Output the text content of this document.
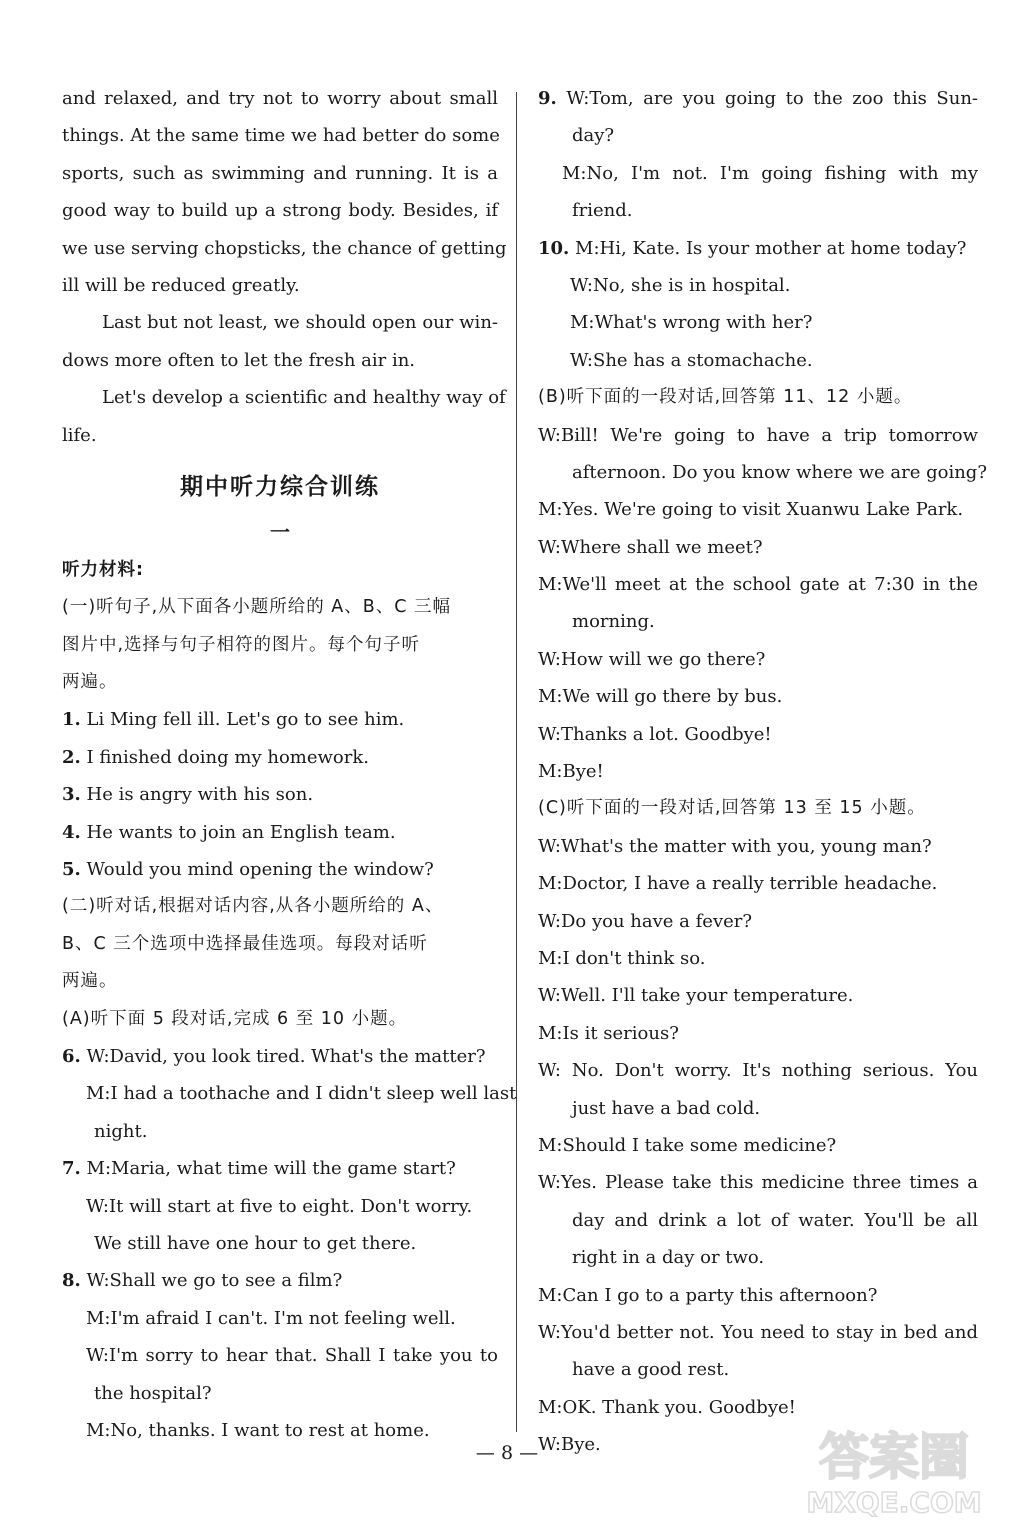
and relaxed, and try not to worry about small
things. At the same time we had better do some
sports, such as swimming and running. It is a
good way to build up a strong body. Besides, if
we use serving chopsticks, the chance of getting
ill will be reduced greatly.
Last but not least, we should open our win-
dows more often to let the fresh air in.
Let's develop a scientific and healthy way of
life.
期中听力综合训练
一
听力材料:
(一)听句子,从下面各小题所给的 A、B、C 三幅
图片中,选择与句子相符的图片。每个句子听
两遍。
1. Li Ming fell ill. Let's go to see him.
2. I finished doing my homework.
3. He is angry with his son.
4. He wants to join an English team.
5. Would you mind opening the window?
(二)听对话,根据对话内容,从各小题所给的 A、
B、C 三个选项中选择最佳选项。每段对话听
两遍。
(A)听下面 5 段对话,完成 6 至 10 小题。
6. W:David, you look tired. What's the matter?
M:I had a toothache and I didn't sleep well last
night.
7. M:Maria, what time will the game start?
W:It will start at five to eight. Don't worry.
We still have one hour to get there.
8. W:Shall we go to see a film?
M:I'm afraid I can't. I'm not feeling well.
W:I'm sorry to hear that. Shall I take you to
the hospital?
M:No, thanks. I want to rest at home.
9. W:Tom, are you going to the zoo this Sun-
day?
M:No, I'm not. I'm going fishing with my
friend.
10. M:Hi, Kate. Is your mother at home today?
W:No, she is in hospital.
M:What's wrong with her?
W:She has a stomachache.
(B)听下面的一段对话,回答第 11、12 小题。
W:Bill! We're going to have a trip tomorrow
afternoon. Do you know where we are going?
M:Yes. We're going to visit Xuanwu Lake Park.
W:Where shall we meet?
M:We'll meet at the school gate at 7:30 in the
morning.
W:How will we go there?
M:We will go there by bus.
W:Thanks a lot. Goodbye!
M:Bye!
(C)听下面的一段对话,回答第 13 至 15 小题。
W:What's the matter with you, young man?
M:Doctor, I have a really terrible headache.
W:Do you have a fever?
M:I don't think so.
W:Well. I'll take your temperature.
M:Is it serious?
W: No. Don't worry. It's nothing serious. You
just have a bad cold.
M:Should I take some medicine?
W:Yes. Please take this medicine three times a
day and drink a lot of water. You'll be all
right in a day or two.
M:Can I go to a party this afternoon?
W:You'd better not. You need to stay in bed and
have a good rest.
M:OK. Thank you. Goodbye!
W:Bye.
— 8 —	答案圈
MXQE.COM
